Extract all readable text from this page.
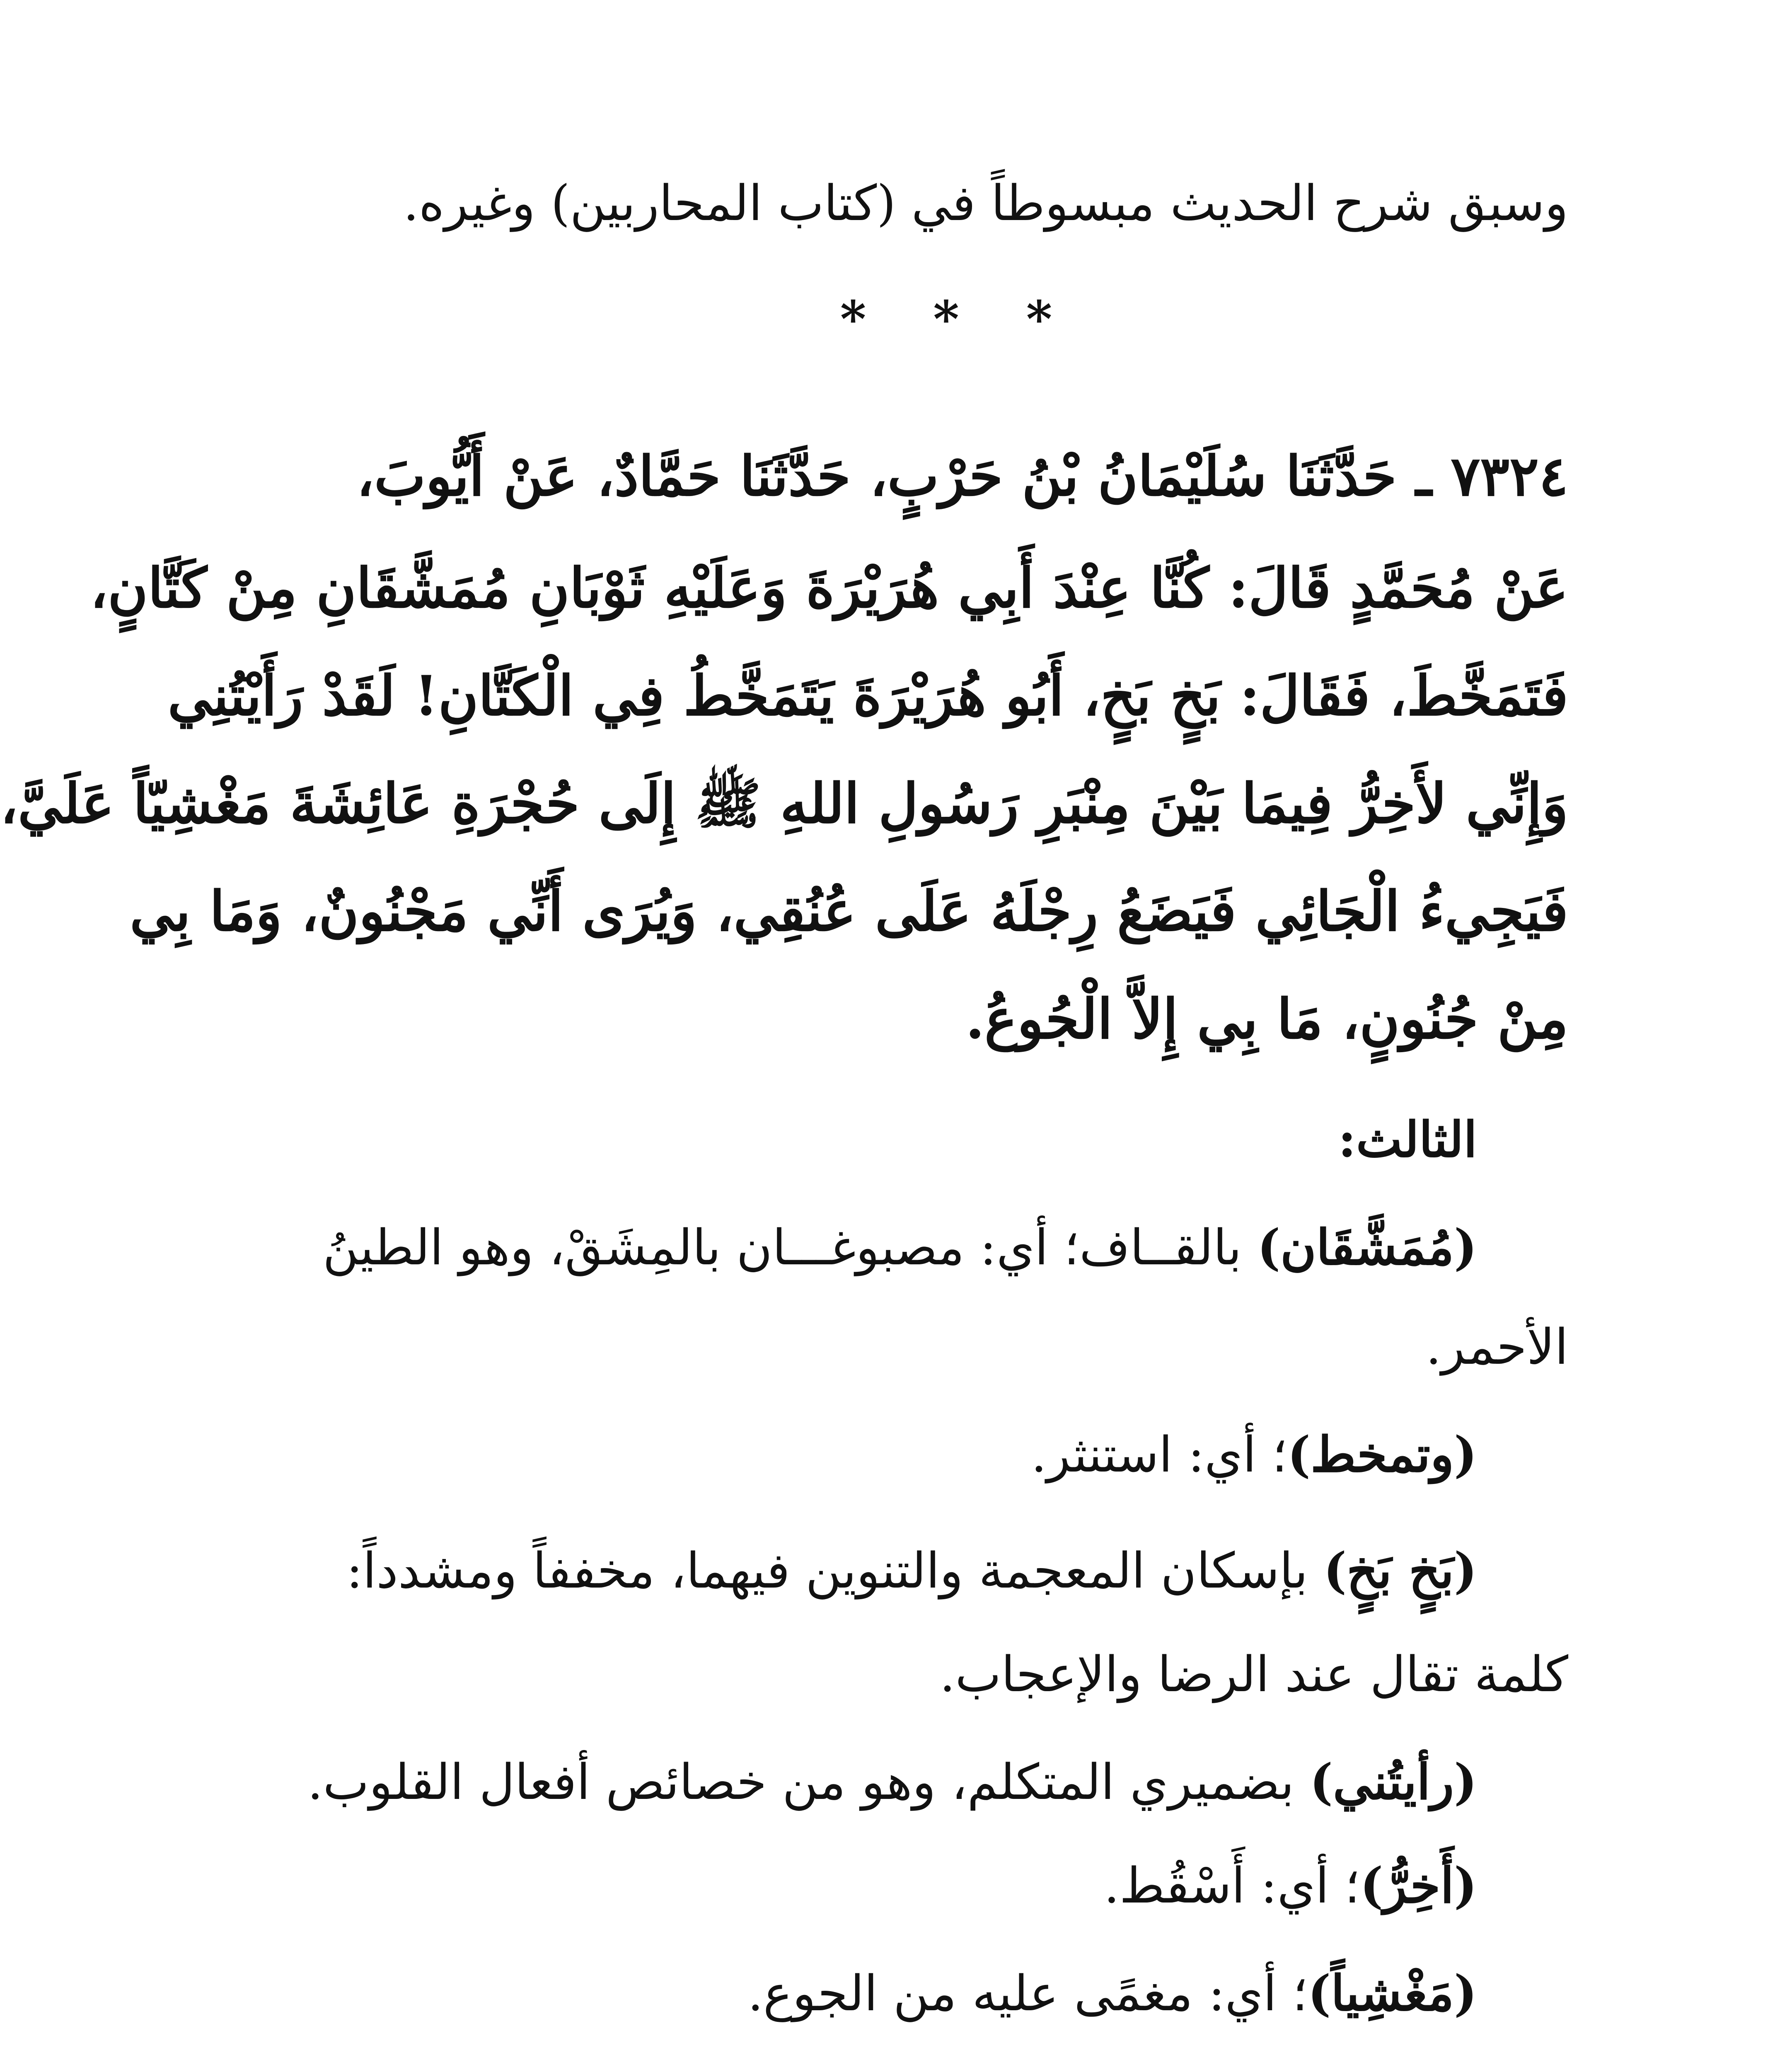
وسبق شرح الحديث مبسوطاً في (كتاب المحاربين) وغيره.
* * *
٧٣٢٤ ـ حَدَّثَنَا سُلَيْمَانُ بْنُ حَرْبٍ، حَدَّثَنَا حَمَّادٌ، عَنْ أَيُّوبَ،
عَنْ مُحَمَّدٍ قَالَ: كُنَّا عِنْدَ أَبِي هُرَيْرَةَ وَعَلَيْهِ ثَوْبَانِ مُمَشَّقَانِ مِنْ كَتَّانٍ،
فَتَمَخَّطَ، فَقَالَ: بَخٍ بَخٍ، أَبُو هُرَيْرَةَ يَتَمَخَّطُ فِي الْكَتَّانِ! لَقَدْ رَأَيْتُنِي
وَإِنِّي لأَخِرُّ فِيمَا بَيْنَ مِنْبَرِ رَسُولِ اللهِ ﷺ إِلَى حُجْرَةِ عَائِشَةَ مَغْشِيّاً عَلَيَّ،
فَيَجِيءُ الْجَائِي فَيَضَعُ رِجْلَهُ عَلَى عُنُقِي، وَيُرَى أَنِّي مَجْنُونٌ، وَمَا بِي
مِنْ جُنُونٍ، مَا بِي إِلاَّ الْجُوعُ.
الثالث:
(مُمَشَّقَان) بالقــاف؛ أي: مصبوغـــان بالمِشَقْ، وهو الطينُ
الأحمر.
(وتمخط)؛ أي: استنثر.
(بَخٍ بَخٍ) بإسكان المعجمة والتنوين فيهما، مخففاً ومشدداً:
كلمة تقال عند الرضا والإعجاب.
(رأيتُني) بضميري المتكلم، وهو من خصائص أفعال القلوب.
(أَخِرُّ)؛ أي: أَسْقُط.
(مَغْشِياً)؛ أي: مغمًى عليه من الجوع.
